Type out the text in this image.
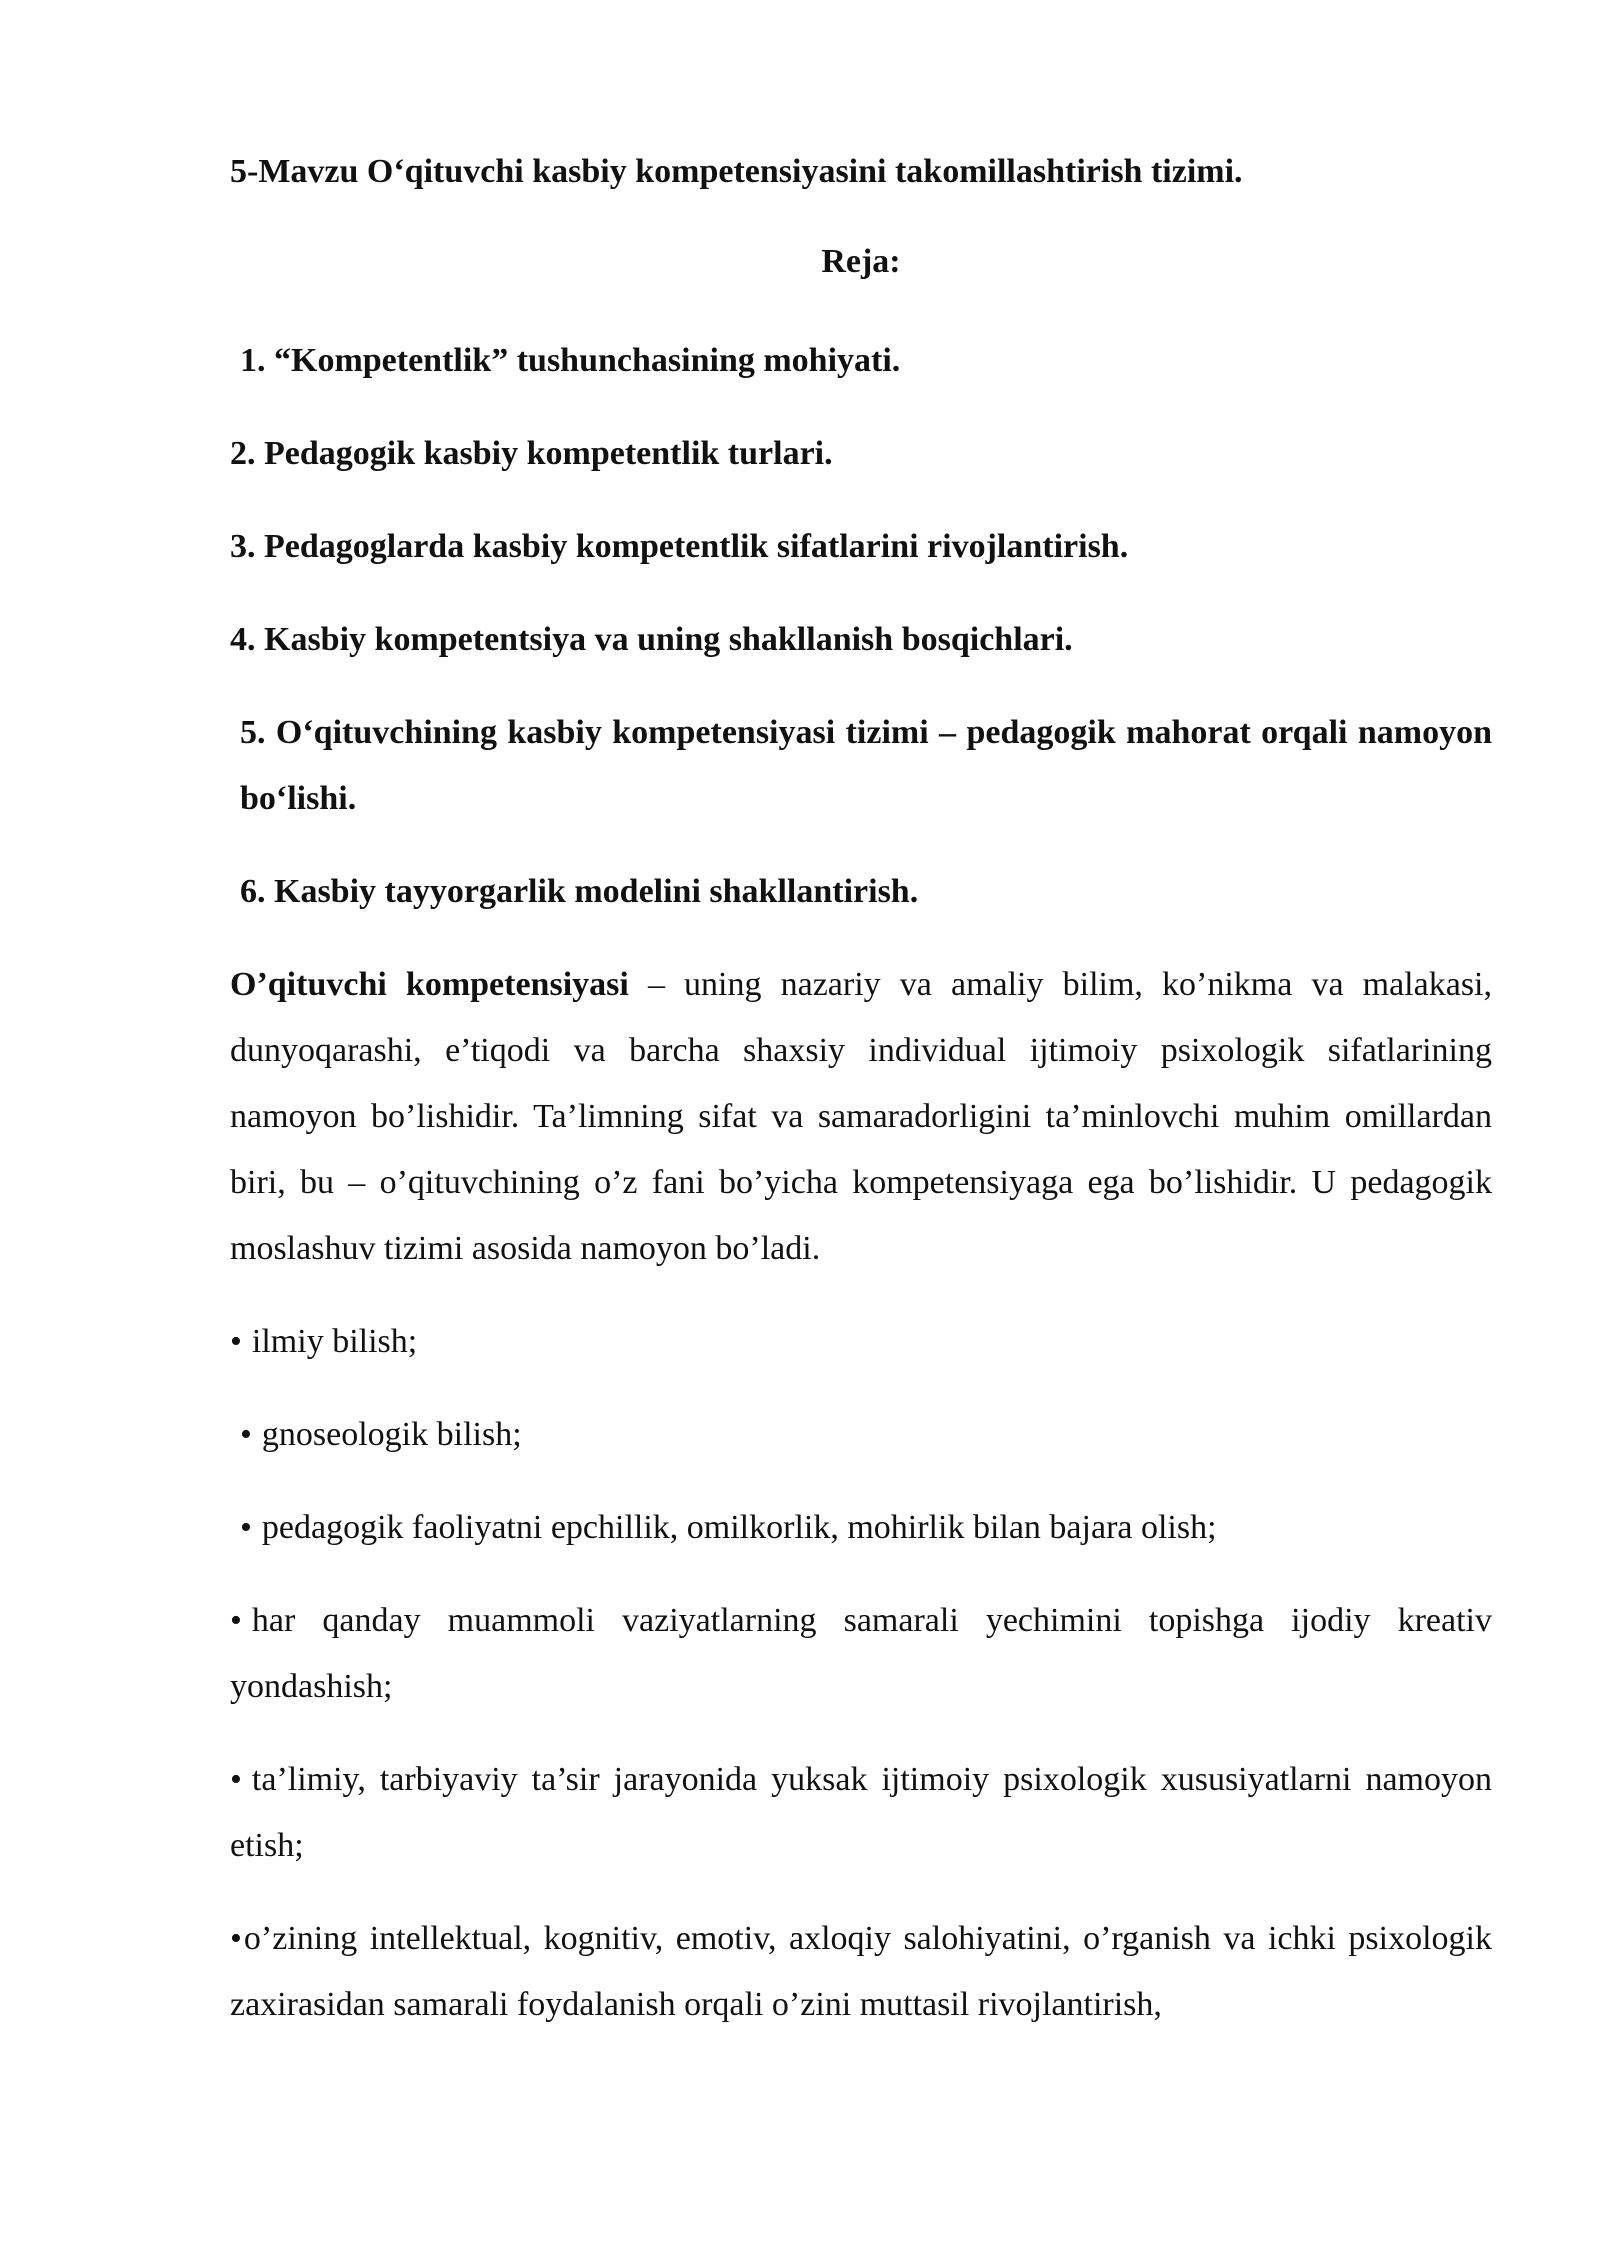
5-Mavzu O‘qituvchi kasbiy kompetensiyasini takomillashtirish tizimi.

Reja:

1. “Kompetentlik” tushunchasining mohiyati.

2. Pedagogik kasbiy kompetentlik turlari.

3. Pedagoglarda kasbiy kompetentlik sifatlarini rivojlantirish.

4. Kasbiy kompetentsiya va uning shakllanish bosqichlari.

5. O‘qituvchining kasbiy kompetensiyasi tizimi – pedagogik mahorat orqali namoyon bo‘lishi.

6. Kasbiy tayyorgarlik modelini shakllantirish.

O’qituvchi kompetensiyasi – uning nazariy va amaliy bilim, ko’nikma va malakasi, dunyoqarashi, e’tiqodi va barcha shaxsiy individual ijtimoiy psixologik sifatlarining namoyon bo’lishidir. Ta’limning sifat va samaradorligini ta’minlovchi muhim omillardan biri, bu – o’qituvchining o’z fani bo’yicha kompetensiyaga ega bo’lishidir. U pedagogik moslashuv tizimi asosida namoyon bo’ladi.

• ilmiy bilish;

• gnoseologik bilish;

• pedagogik faoliyatni epchillik, omilkorlik, mohirlik bilan bajara olish;

• har qanday muammoli vaziyatlarning samarali yechimini topishga ijodiy kreativ yondashish;

• ta’limiy, tarbiyaviy ta’sir jarayonida yuksak ijtimoiy psixologik xususiyatlarni namoyon etish;

•o’zining intellektual, kognitiv, emotiv, axloqiy salohiyatini, o’rganish va ichki psixologik zaxirasidan samarali foydalanish orqali o’zini muttasil rivojlantirish,
